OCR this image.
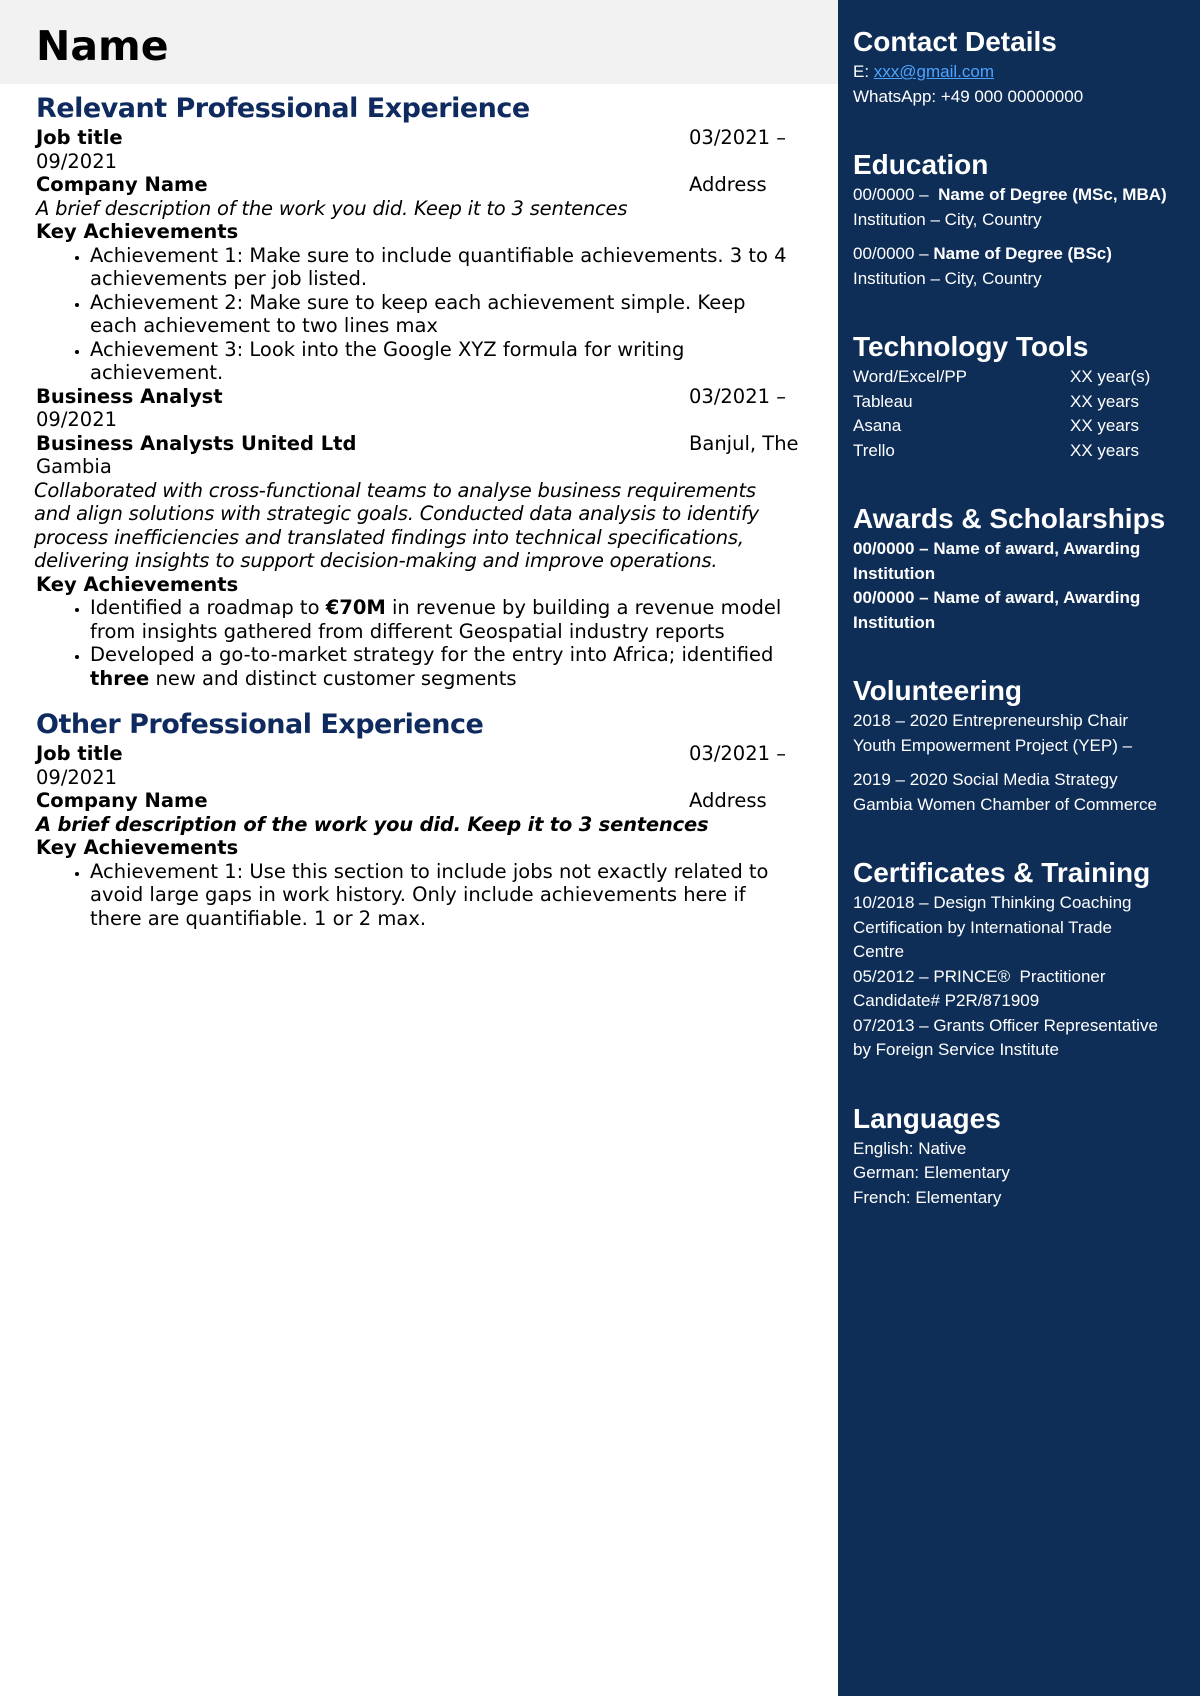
Name
Relevant Professional Experience
Job title	03/2021 –
09/2021
Company Name	Address
A brief description of the work you did. Keep it to 3 sentences
Key Achievements
• Achievement 1: Make sure to include quantifiable achievements. 3 to 4
achievements per job listed.
• Achievement 2: Make sure to keep each achievement simple. Keep
each achievement to two lines max
• Achievement 3: Look into the Google XYZ formula for writing
achievement.
Business Analyst	03/2021 –
09/2021
Business Analysts United Ltd	Banjul, The
Gambia
Collaborated with cross-functional teams to analyse business requirements
and align solutions with strategic goals. Conducted data analysis to identify
process inefficiencies and translated findings into technical specifications,
delivering insights to support decision-making and improve operations.
Key Achievements
• Identified a roadmap to €70M in revenue by building a revenue model
from insights gathered from different Geospatial industry reports
• Developed a go-to-market strategy for the entry into Africa; identified
three new and distinct customer segments
Other Professional Experience
Job title	03/2021 –
09/2021
Company Name	Address
A brief description of the work you did. Keep it to 3 sentences
Key Achievements
• Achievement 1: Use this section to include jobs not exactly related to
avoid large gaps in work history. Only include achievements here if
there are quantifiable. 1 or 2 max.
Contact Details
E: xxx@gmail.com
WhatsApp: +49 000 00000000
Education
00/0000 –  Name of Degree (MSc, MBA)
Institution – City, Country
00/0000 – Name of Degree (BSc)
Institution – City, Country
Technology Tools
Word/Excel/PP	XX year(s)
Tableau	XX years
Asana	XX years
Trello	XX years
Awards & Scholarships
00/0000 – Name of award, Awarding
Institution
00/0000 – Name of award, Awarding
Institution
Volunteering
2018 – 2020 Entrepreneurship Chair
Youth Empowerment Project (YEP) –
2019 – 2020 Social Media Strategy
Gambia Women Chamber of Commerce
Certificates & Training
10/2018 – Design Thinking Coaching
Certification by International Trade
Centre
05/2012 – PRINCE®  Practitioner
Candidate# P2R/871909
07/2013 – Grants Officer Representative
by Foreign Service Institute
Languages
English: Native
German: Elementary
French: Elementary
